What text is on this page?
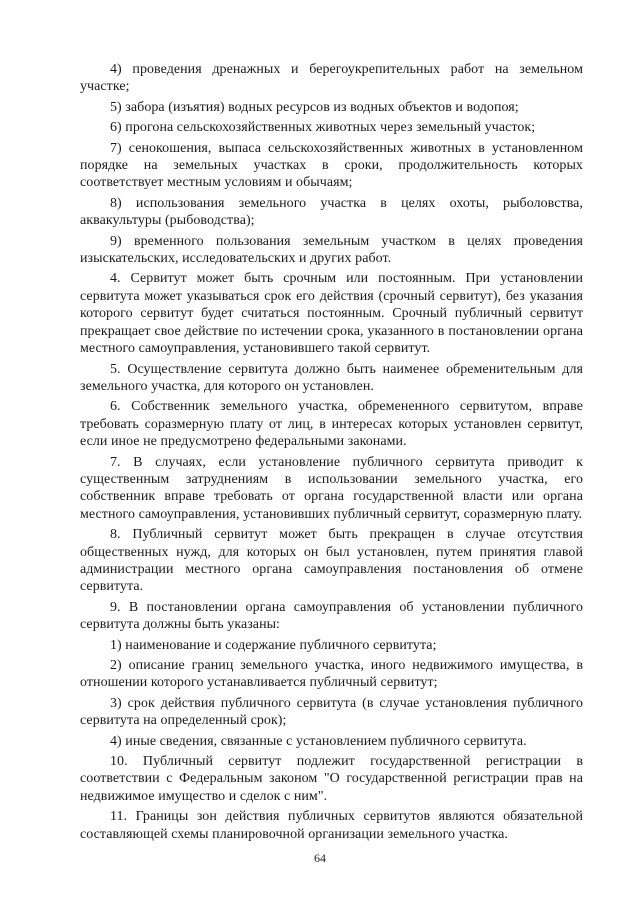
4) проведения дренажных и берегоукрепительных работ на земельном участке;

5) забора (изъятия) водных ресурсов из водных объектов и водопоя;

6) прогона сельскохозяйственных животных через земельный участок;

7) сенокошения, выпаса сельскохозяйственных животных в установленном порядке на земельных участках в сроки, продолжительность которых соответствует местным условиям и обычаям;

8) использования земельного участка в целях охоты, рыболовства, аквакультуры (рыбоводства);

9) временного пользования земельным участком в целях проведения изыскательских, исследовательских и других работ.

4. Сервитут может быть срочным или постоянным. При установлении сервитута может указываться срок его действия (срочный сервитут), без указания которого сервитут будет считаться постоянным. Срочный публичный сервитут прекращает свое действие по истечении срока, указанного в постановлении органа местного самоуправления, установившего такой сервитут.

5. Осуществление сервитута должно быть наименее обременительным для земельного участка, для которого он установлен.

6. Собственник земельного участка, обремененного сервитутом, вправе требовать соразмерную плату от лиц, в интересах которых установлен сервитут, если иное не предусмотрено федеральными законами.

7. В случаях, если установление публичного сервитута приводит к существенным затруднениям в использовании земельного участка, его собственник вправе требовать от органа государственной власти или органа местного самоуправления, установивших публичный сервитут, соразмерную плату.

8. Публичный сервитут может быть прекращен в случае отсутствия общественных нужд, для которых он был установлен, путем принятия главой администрации местного органа самоуправления постановления об отмене сервитута.

9. В постановлении органа самоуправления об установлении публичного сервитута должны быть указаны:

1) наименование и содержание публичного сервитута;

2) описание границ земельного участка, иного недвижимого имущества, в отношении которого устанавливается публичный сервитут;

3) срок действия публичного сервитута (в случае установления публичного сервитута на определенный срок);

4) иные сведения, связанные с установлением публичного сервитута.

10. Публичный сервитут подлежит государственной регистрации в соответствии с Федеральным законом "О государственной регистрации прав на недвижимое имущество и сделок с ним".

11. Границы зон действия публичных сервитутов являются обязательной составляющей схемы планировочной организации земельного участка.

64
